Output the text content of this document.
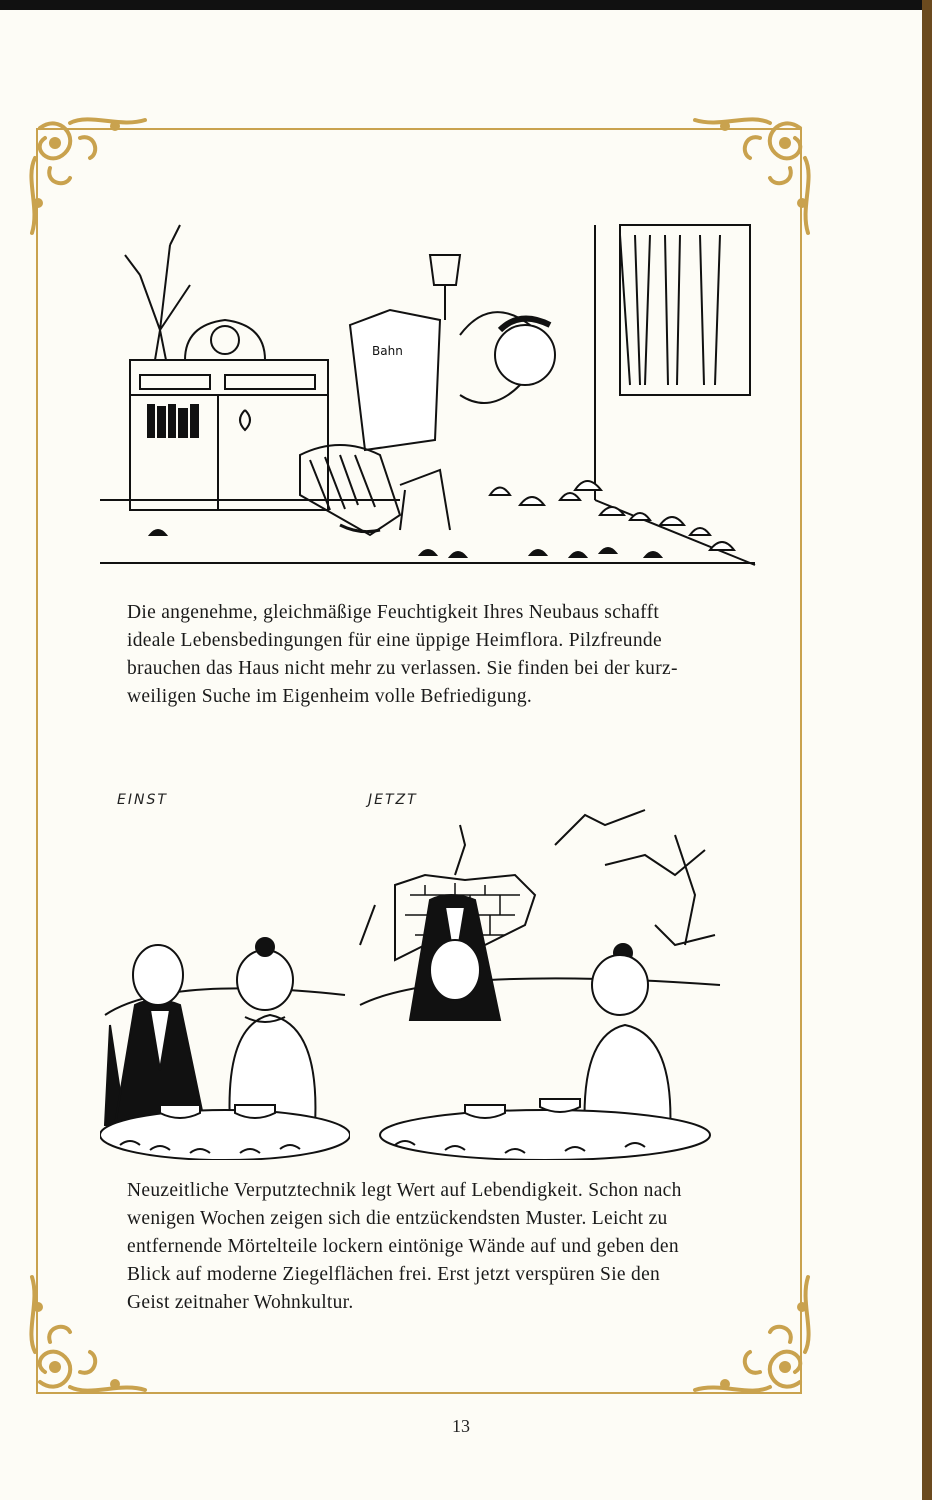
Bahn
Die angenehme, gleichmäßige Feuchtigkeit Ihres Neubaus schafft
ideale Lebensbedingungen für eine üppige Heimflora. Pilzfreunde
brauchen das Haus nicht mehr zu verlassen. Sie finden bei der kurz-
weiligen Suche im Eigenheim volle Befriedigung.
EINST	JETZT
Neuzeitliche Verputztechnik legt Wert auf Lebendigkeit. Schon nach
wenigen Wochen zeigen sich die entzückendsten Muster. Leicht zu
entfernende Mörtelteile lockern eintönige Wände auf und geben den
Blick auf moderne Ziegelflächen frei. Erst jetzt verspüren Sie den
Geist zeitnaher Wohnkultur.
13
